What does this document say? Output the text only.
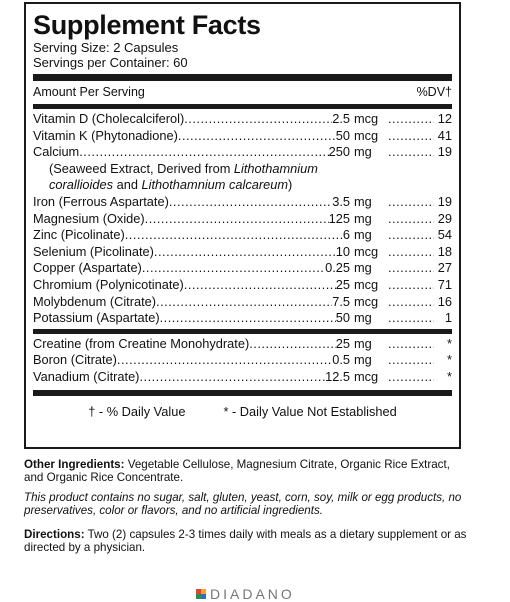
Supplement Facts
Serving Size: 2 Capsules
Servings per Container: 60
Amount Per Serving	%DV†
Vitamin D (Cholecalciferol) .....	2.5 mcg .....	12
Vitamin K (Phytonadione) .....	50 mcg .....	41
Calcium .....	250 mg .....	19
(Seaweed Extract, Derived from Lithothamnium
corallioides and Lithothamnium calcareum)
Iron (Ferrous Aspartate) .....	3.5 mg .....	19
Magnesium (Oxide) .....	125 mg .....	29
Zinc (Picolinate) .....	6 mg .....	54
Selenium (Picolinate) .....	10 mcg .....	18
Copper (Aspartate) .....	0.25 mg .....	27
Chromium (Polynicotinate) .....	25 mcg .....	71
Molybdenum (Citrate) .....	7.5 mcg .....	16
Potassium (Aspartate) .....	50 mg .....	1
Creatine (from Creatine Monohydrate) .....	25 mg .....	*
Boron (Citrate) .....	0.5 mg .....	*
Vanadium (Citrate) .....	12.5 mcg .....	*
† - % Daily Value	* - Daily Value Not Established
Other Ingredients: Vegetable Cellulose, Magnesium Citrate, Organic Rice Extract, and Organic Rice Concentrate.
This product contains no sugar, salt, gluten, yeast, corn, soy, milk or egg products, no preservatives, color or flavors, and no artificial ingredients.
Directions: Two (2) capsules 2-3 times daily with meals as a dietary supplement or as directed by a physician.
DIADANO
